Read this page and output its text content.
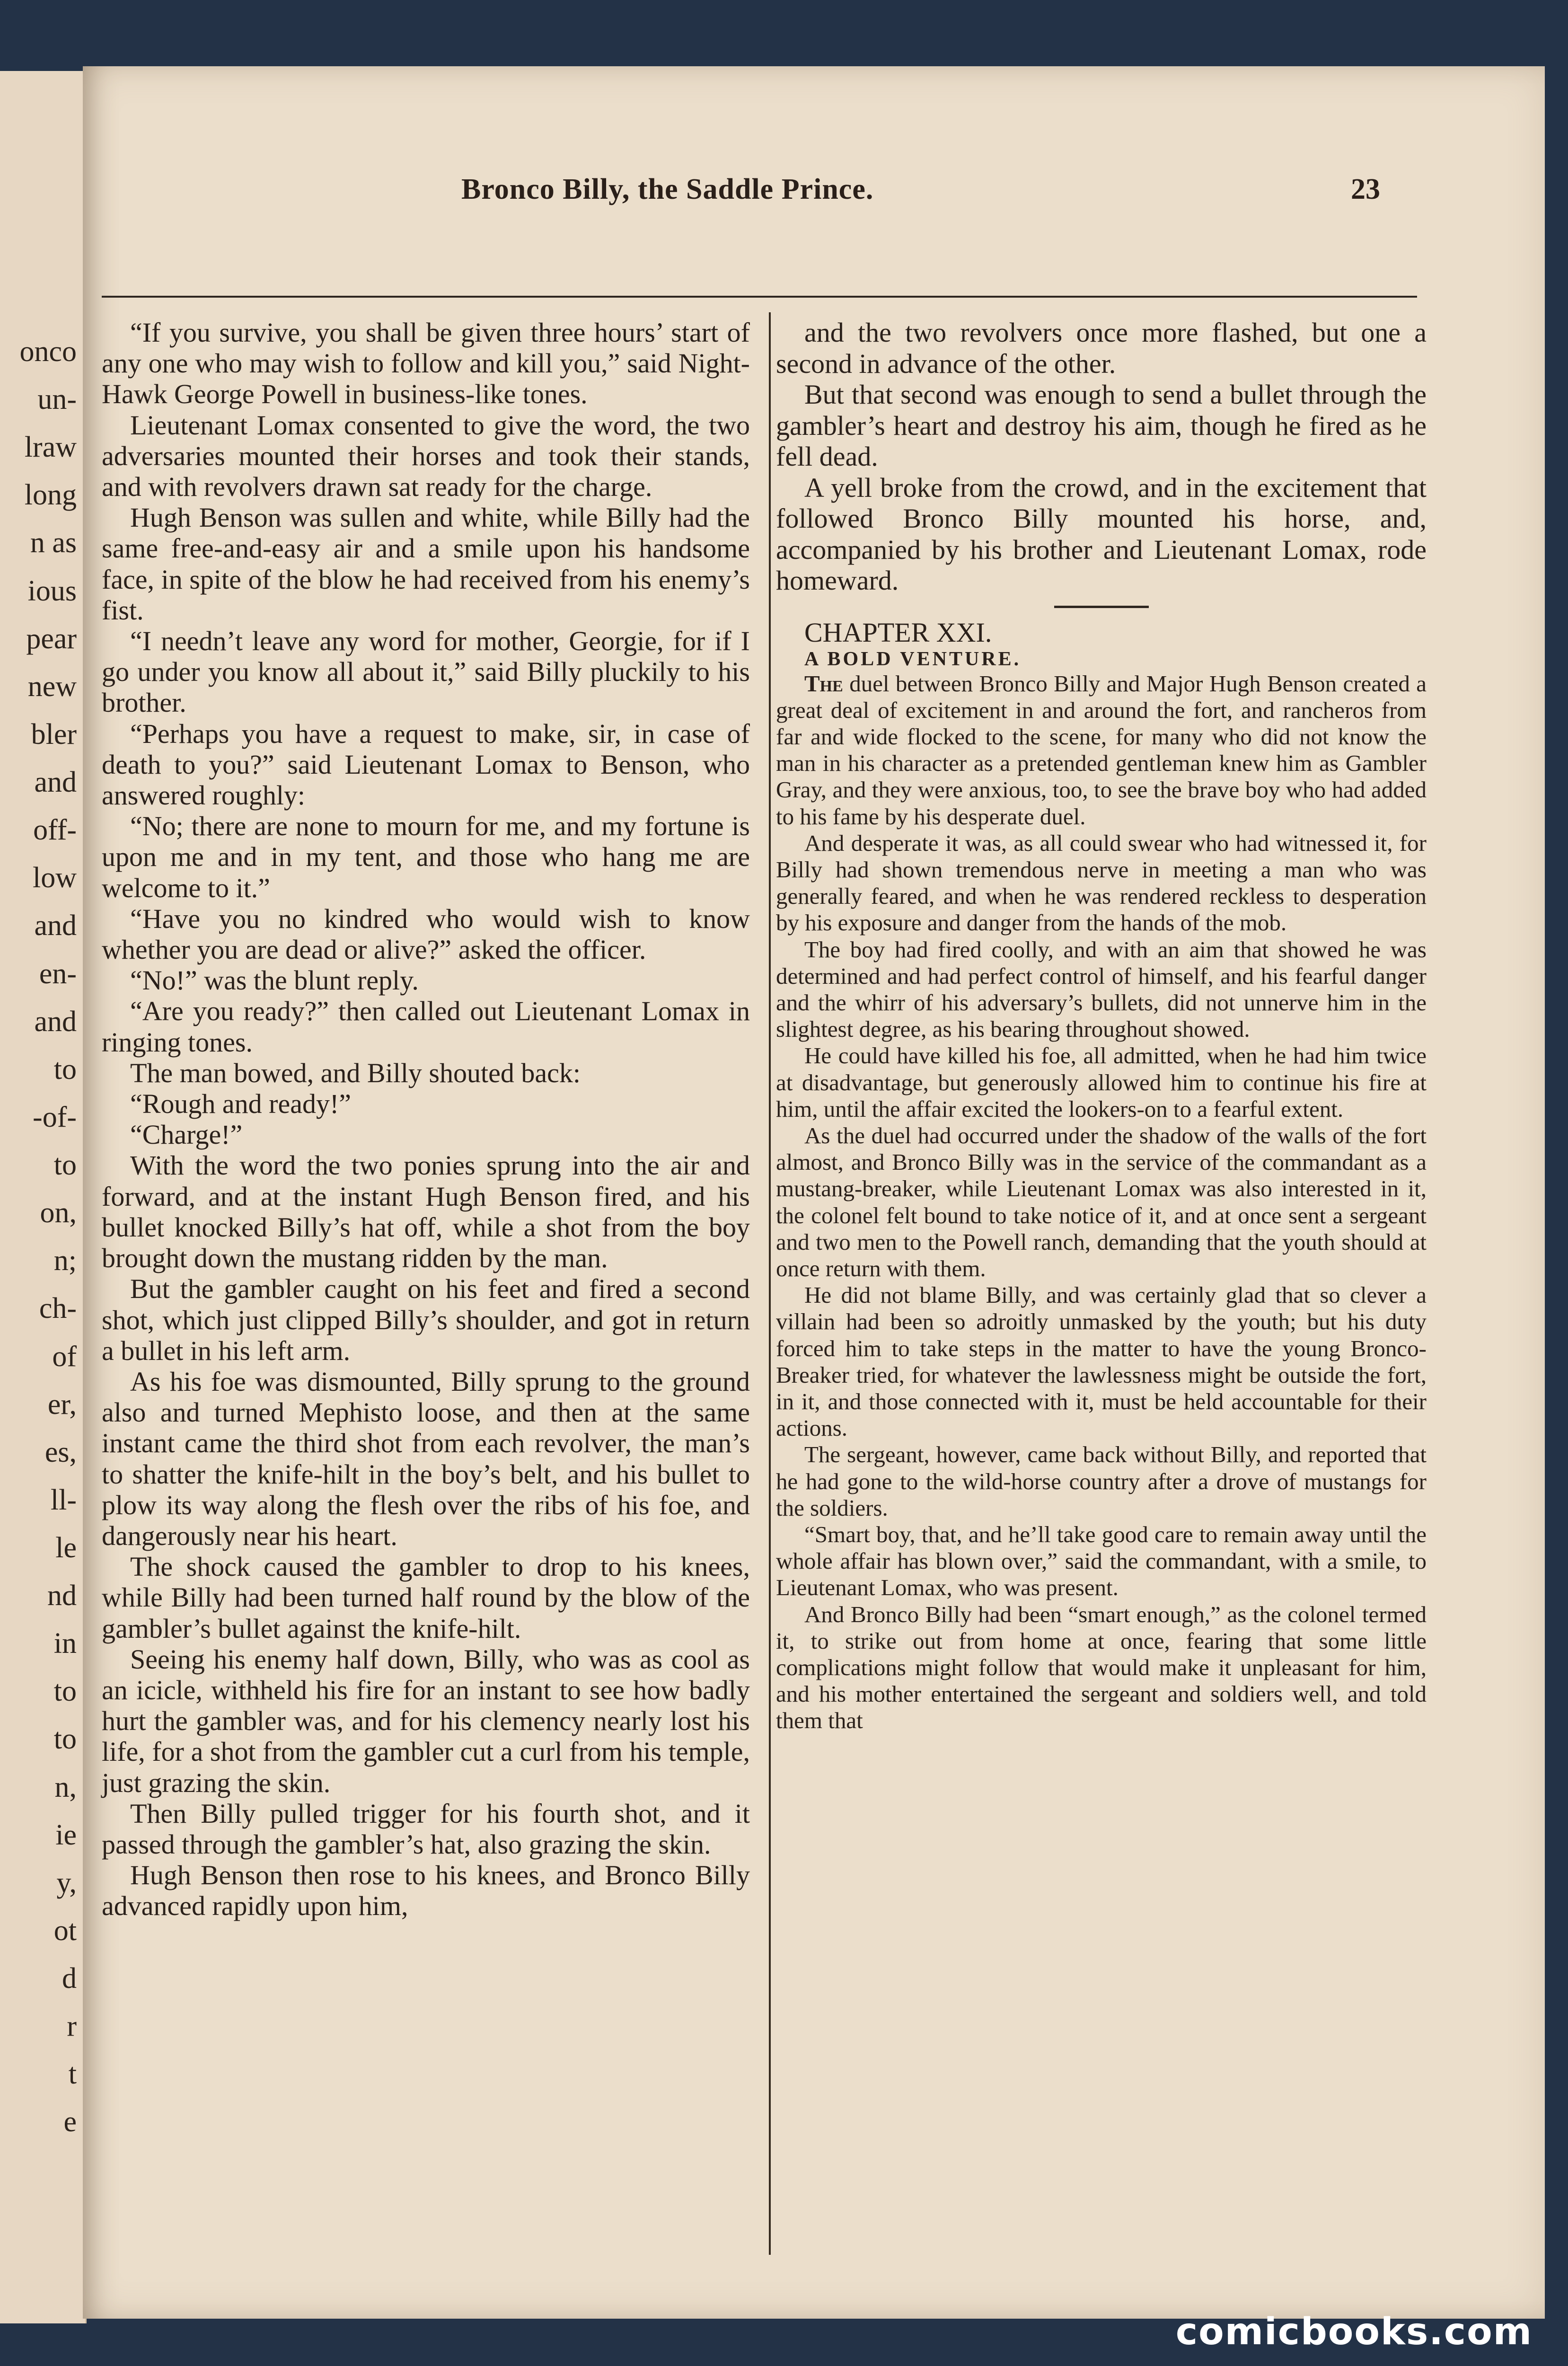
onco
un-
lraw
long
n as
ious
pear
new
bler
and
off-
low
and
en-
and
to
-of-
to
on,
n;
ch-
of
er,
es,
ll-
le
nd
in
to
to
n,
ie
y,
ot
d
r
t
e
Bronco Billy, the Saddle Prince.	23

“If you survive, you shall be given three hours’ start of any one who may wish to follow and kill you,” said Night-Hawk George Powell in business-like tones.

Lieutenant Lomax consented to give the word, the two adversaries mounted their horses and took their stands, and with revolvers drawn sat ready for the charge.

Hugh Benson was sullen and white, while Billy had the same free-and-easy air and a smile upon his handsome face, in spite of the blow he had received from his enemy’s fist.

“I needn’t leave any word for mother, Georgie, for if I go under you know all about it,” said Billy pluckily to his brother.

“Perhaps you have a request to make, sir, in case of death to you?” said Lieutenant Lomax to Benson, who answered roughly:

“No; there are none to mourn for me, and my fortune is upon me and in my tent, and those who hang me are welcome to it.”

“Have you no kindred who would wish to know whether you are dead or alive?” asked the officer.

“No!” was the blunt reply.

“Are you ready?” then called out Lieutenant Lomax in ringing tones.

The man bowed, and Billy shouted back:

“Rough and ready!”

“Charge!”

With the word the two ponies sprung into the air and forward, and at the instant Hugh Benson fired, and his bullet knocked Billy’s hat off, while a shot from the boy brought down the mustang ridden by the man.

But the gambler caught on his feet and fired a second shot, which just clipped Billy’s shoulder, and got in return a bullet in his left arm.

As his foe was dismounted, Billy sprung to the ground also and turned Mephisto loose, and then at the same instant came the third shot from each revolver, the man’s to shatter the knife-hilt in the boy’s belt, and his bullet to plow its way along the flesh over the ribs of his foe, and dangerously near his heart.

The shock caused the gambler to drop to his knees, while Billy had been turned half round by the blow of the gambler’s bullet against the knife-hilt.

Seeing his enemy half down, Billy, who was as cool as an icicle, withheld his fire for an instant to see how badly hurt the gambler was, and for his clemency nearly lost his life, for a shot from the gambler cut a curl from his temple, just grazing the skin.

Then Billy pulled trigger for his fourth shot, and it passed through the gambler’s hat, also grazing the skin.

Hugh Benson then rose to his knees, and Bronco Billy advanced rapidly upon him,

and the two revolvers once more flashed, but one a second in advance of the other.

But that second was enough to send a bullet through the gambler’s heart and destroy his aim, though he fired as he fell dead.

A yell broke from the crowd, and in the excitement that followed Bronco Billy mounted his horse, and, accompanied by his brother and Lieutenant Lomax, rode homeward.

CHAPTER XXI.

A BOLD VENTURE.

The duel between Bronco Billy and Major Hugh Benson created a great deal of excitement in and around the fort, and rancheros from far and wide flocked to the scene, for many who did not know the man in his character as a pretended gentleman knew him as Gambler Gray, and they were anxious, too, to see the brave boy who had added to his fame by his desperate duel.

And desperate it was, as all could swear who had witnessed it, for Billy had shown tremendous nerve in meeting a man who was generally feared, and when he was rendered reckless to desperation by his exposure and danger from the hands of the mob.

The boy had fired coolly, and with an aim that showed he was determined and had perfect control of himself, and his fearful danger and the whirr of his adversary’s bullets, did not unnerve him in the slightest degree, as his bearing throughout showed.

He could have killed his foe, all admitted, when he had him twice at disadvantage, but generously allowed him to continue his fire at him, until the affair excited the lookers-on to a fearful extent.

As the duel had occurred under the shadow of the walls of the fort almost, and Bronco Billy was in the service of the commandant as a mustang-breaker, while Lieutenant Lomax was also interested in it, the colonel felt bound to take notice of it, and at once sent a sergeant and two men to the Powell ranch, demanding that the youth should at once return with them.

He did not blame Billy, and was certainly glad that so clever a villain had been so adroitly unmasked by the youth; but his duty forced him to take steps in the matter to have the young Bronco-Breaker tried, for whatever the lawlessness might be outside the fort, in it, and those connected with it, must be held accountable for their actions.

The sergeant, however, came back without Billy, and reported that he had gone to the wild-horse country after a drove of mustangs for the soldiers.

“Smart boy, that, and he’ll take good care to remain away until the whole affair has blown over,” said the commandant, with a smile, to Lieutenant Lomax, who was present.

And Bronco Billy had been “smart enough,” as the colonel termed it, to strike out from home at once, fearing that some little complications might follow that would make it unpleasant for him, and his mother entertained the sergeant and soldiers well, and told them that

comicbooks.com
